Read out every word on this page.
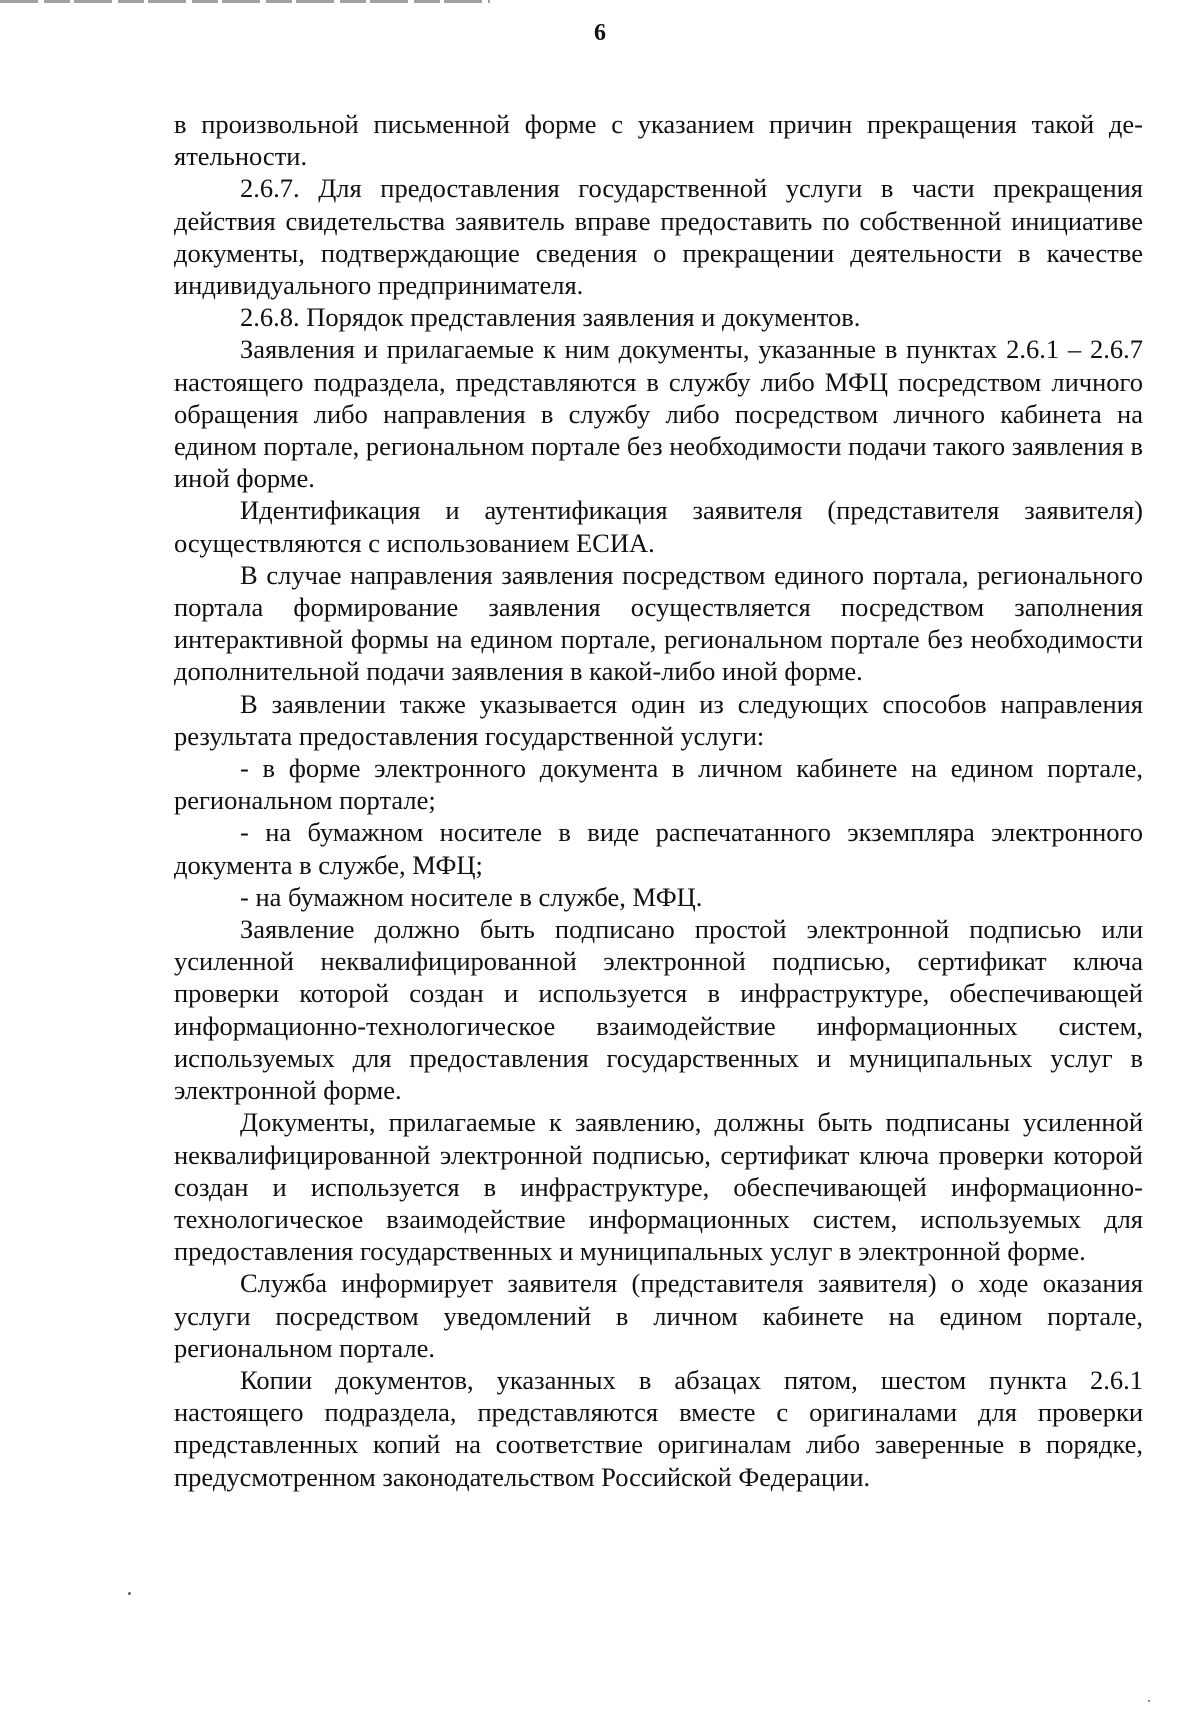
6

в произвольной письменной форме с указанием причин прекращения такой деятельности.

2.6.7. Для предоставления государственной услуги в части прекращения действия свидетельства заявитель вправе предоставить по собственной инициативе документы, подтверждающие сведения о прекращении деятельности в качестве индивидуального предпринимателя.

2.6.8. Порядок представления заявления и документов.

Заявления и прилагаемые к ним документы, указанные в пунктах 2.6.1 – 2.6.7 настоящего подраздела, представляются в службу либо МФЦ посредством личного обращения либо направления в службу либо посредством личного кабинета на едином портале, региональном портале без необходимости подачи такого заявления в иной форме.

Идентификация и аутентификация заявителя (представителя заявителя) осуществляются с использованием ЕСИА.

В случае направления заявления посредством единого портала, регионального портала формирование заявления осуществляется посредством заполнения интерактивной формы на едином портале, региональном портале без необходимости дополнительной подачи заявления в какой-либо иной форме.

В заявлении также указывается один из следующих способов направления результата предоставления государственной услуги:

- в форме электронного документа в личном кабинете на едином портале, региональном портале;

- на бумажном носителе в виде распечатанного экземпляра электронного документа в службе, МФЦ;

- на бумажном носителе в службе, МФЦ.

Заявление должно быть подписано простой электронной подписью или усиленной неквалифицированной электронной подписью, сертификат ключа проверки которой создан и используется в инфраструктуре, обеспечивающей информационно-технологическое взаимодействие информационных систем, используемых для предоставления государственных и муниципальных услуг в электронной форме.

Документы, прилагаемые к заявлению, должны быть подписаны усиленной неквалифицированной электронной подписью, сертификат ключа проверки которой создан и используется в инфраструктуре, обеспечивающей информационно-технологическое взаимодействие информационных систем, используемых для предоставления государственных и муниципальных услуг в электронной форме.

Служба информирует заявителя (представителя заявителя) о ходе оказания услуги посредством уведомлений в личном кабинете на едином портале, региональном портале.

Копии документов, указанных в абзацах пятом, шестом пункта 2.6.1 настоящего подраздела, представляются вместе с оригиналами для проверки представленных копий на соответствие оригиналам либо заверенные в порядке, предусмотренном законодательством Российской Федерации.
